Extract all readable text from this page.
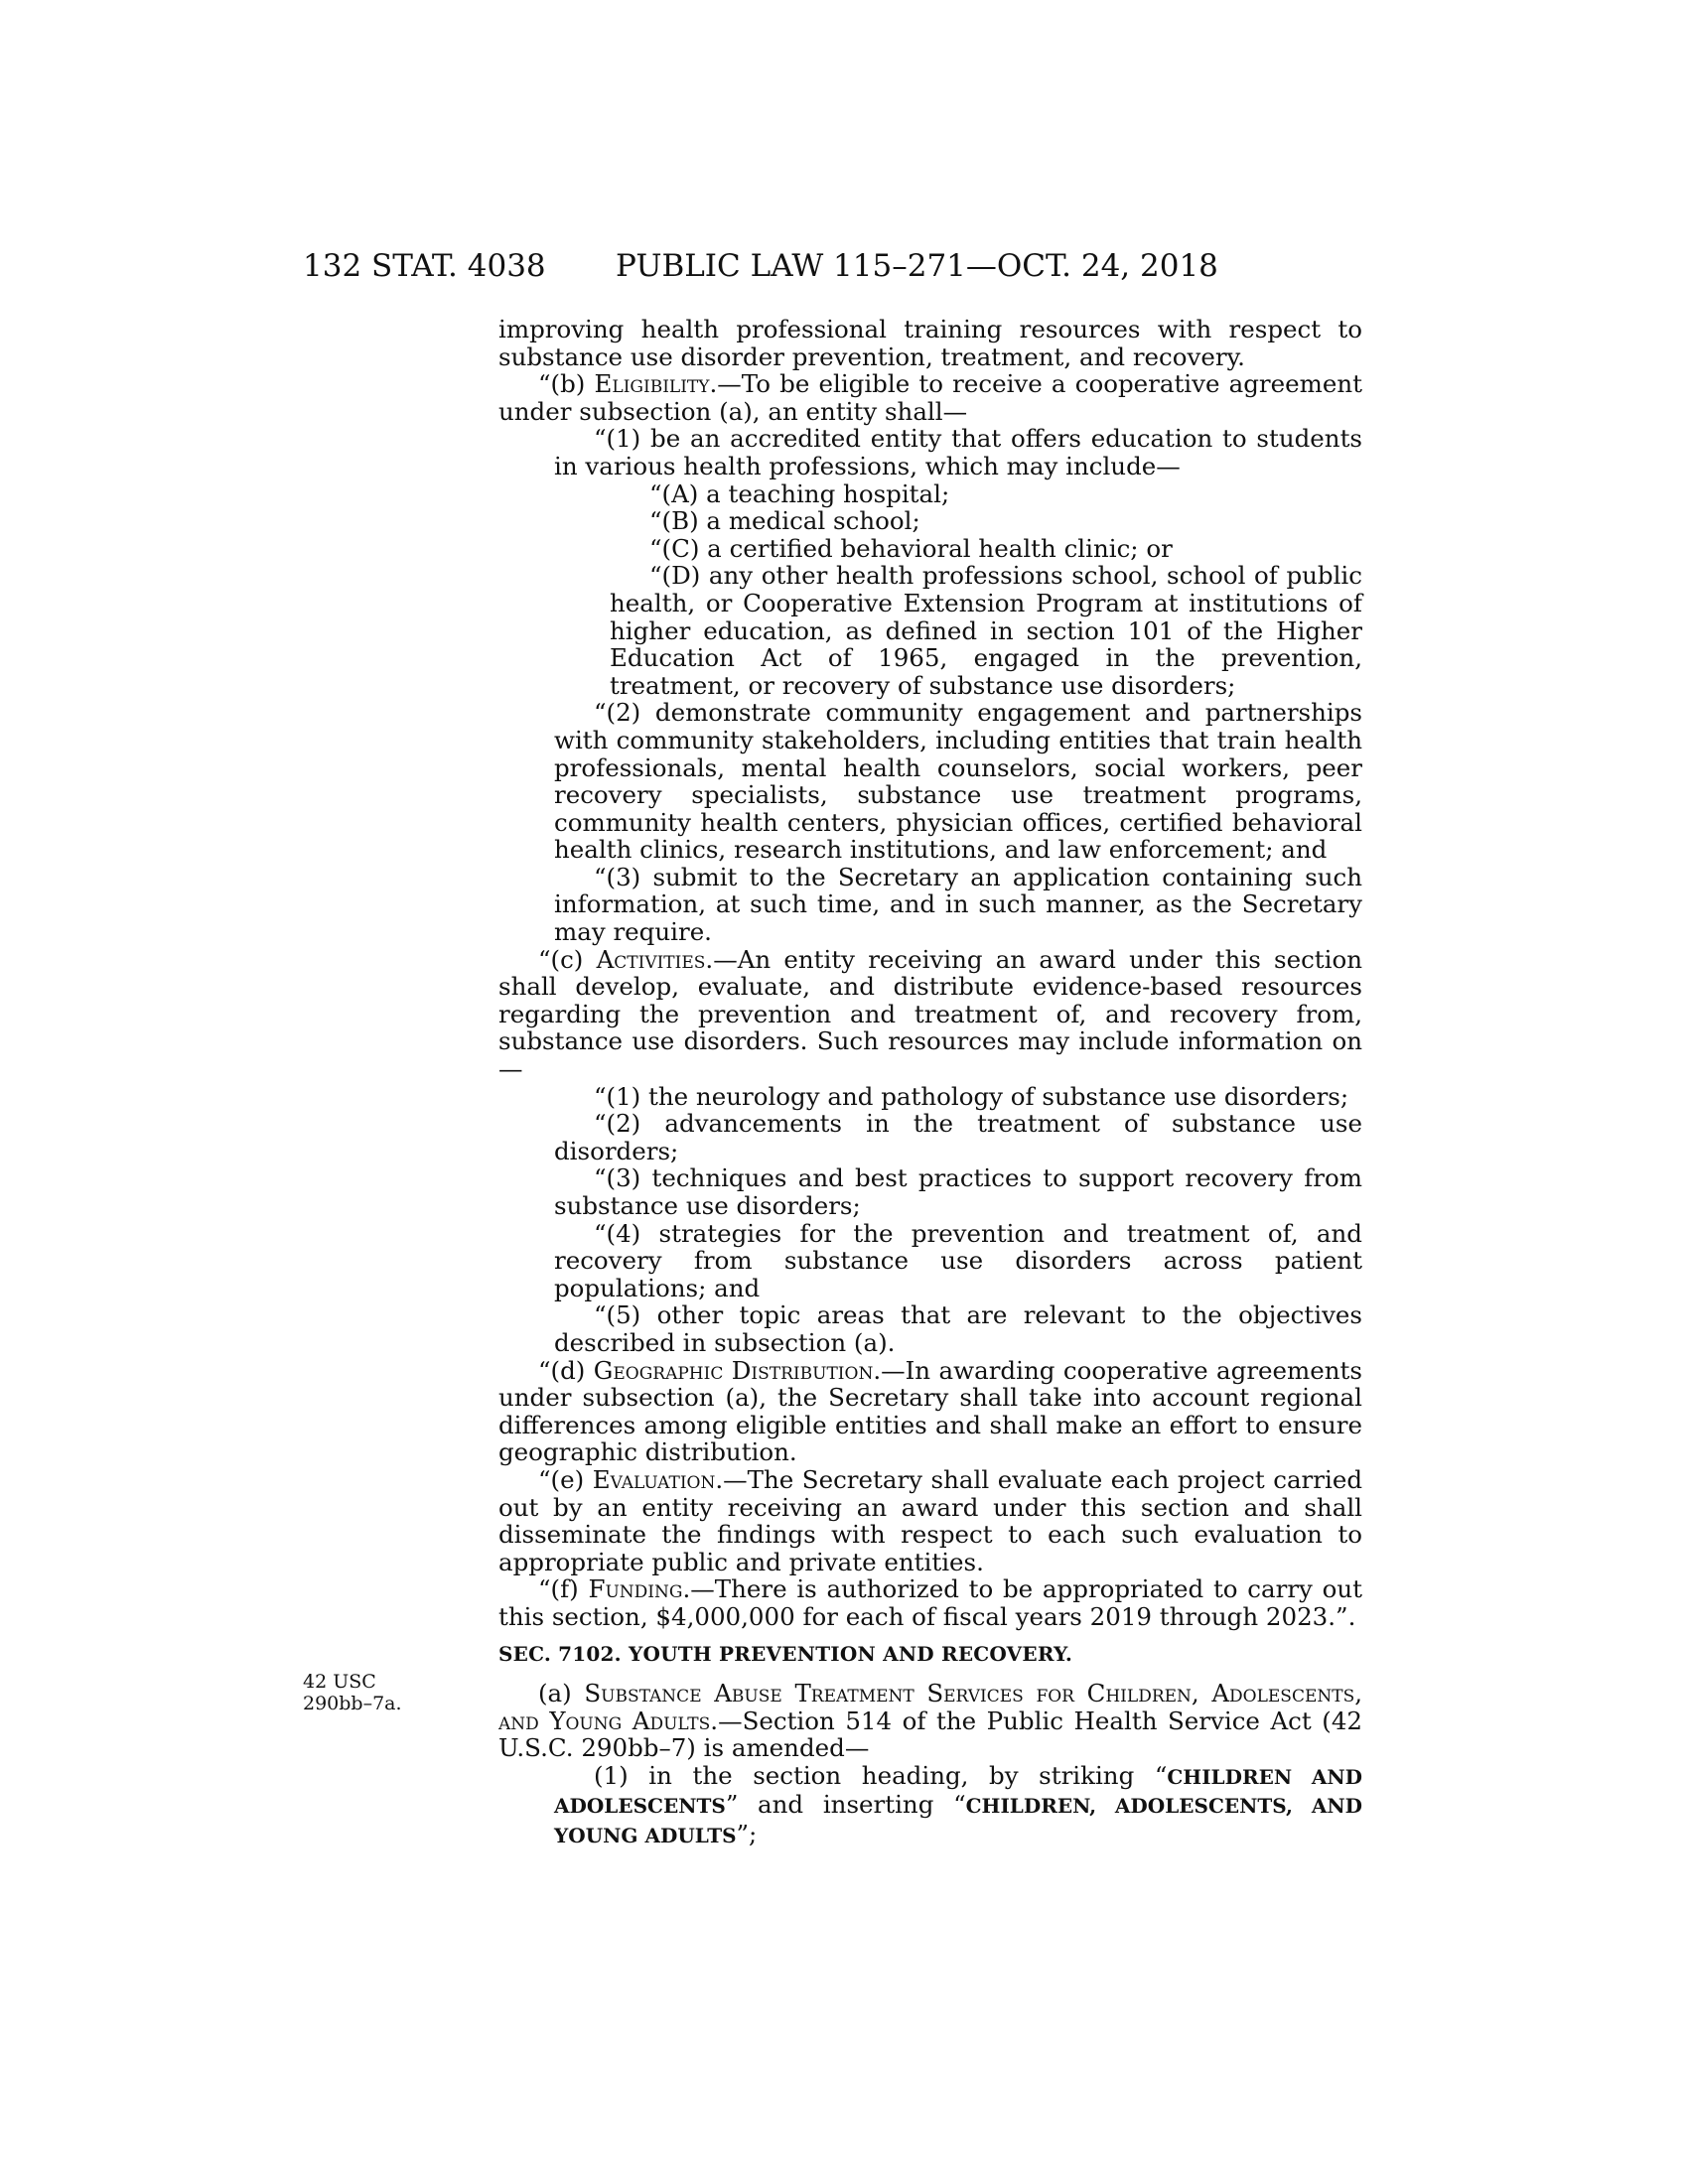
132 STAT. 4038 PUBLIC LAW 115–271—OCT. 24, 2018
42 USC
290bb–7a.

improving health professional training resources with respect to substance use disorder prevention, treatment, and recovery.

“(b) Eligibility.—To be eligible to receive a cooperative agreement under subsection (a), an entity shall—

“(1) be an accredited entity that offers education to students in various health professions, which may include—

“(A) a teaching hospital;

“(B) a medical school;

“(C) a certified behavioral health clinic; or

“(D) any other health professions school, school of public health, or Cooperative Extension Program at institutions of higher education, as defined in section 101 of the Higher Education Act of 1965, engaged in the prevention, treatment, or recovery of substance use disorders;

“(2) demonstrate community engagement and partnerships with community stakeholders, including entities that train health professionals, mental health counselors, social workers, peer recovery specialists, substance use treatment programs, community health centers, physician offices, certified behavioral health clinics, research institutions, and law enforcement; and

“(3) submit to the Secretary an application containing such information, at such time, and in such manner, as the Secretary may require.

“(c) Activities.—An entity receiving an award under this section shall develop, evaluate, and distribute evidence-based resources regarding the prevention and treatment of, and recovery from, substance use disorders. Such resources may include information on—

“(1) the neurology and pathology of substance use disorders;

“(2) advancements in the treatment of substance use disorders;

“(3) techniques and best practices to support recovery from substance use disorders;

“(4) strategies for the prevention and treatment of, and recovery from substance use disorders across patient populations; and

“(5) other topic areas that are relevant to the objectives described in subsection (a).

“(d) Geographic Distribution.—In awarding cooperative agreements under subsection (a), the Secretary shall take into account regional differences among eligible entities and shall make an effort to ensure geographic distribution.

“(e) Evaluation.—The Secretary shall evaluate each project carried out by an entity receiving an award under this section and shall disseminate the findings with respect to each such evaluation to appropriate public and private entities.

“(f) Funding.—There is authorized to be appropriated to carry out this section, $4,000,000 for each of fiscal years 2019 through 2023.”.

SEC. 7102. YOUTH PREVENTION AND RECOVERY.

(a) Substance Abuse Treatment Services for Children, Adolescents, and Young Adults.—Section 514 of the Public Health Service Act (42 U.S.C. 290bb–7) is amended—

(1) in the section heading, by striking “CHILDREN AND ADOLESCENTS” and inserting “CHILDREN, ADOLESCENTS, AND YOUNG ADULTS”;
